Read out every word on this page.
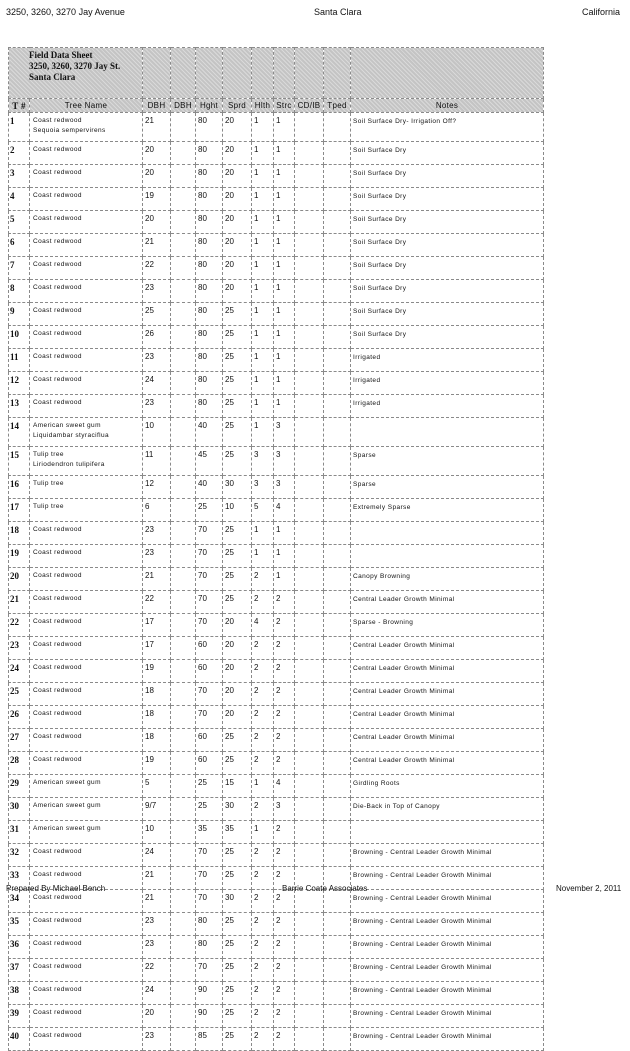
3250, 3260, 3270 Jay Avenue	Santa Clara	California
Field Data Sheet
3250, 3260, 3270 Jay St.
Santa Clara										

T #	Tree Name	DBH	DBH	Hght	Sprd	Hlth	Strc	CD/IB	Tped	Notes
1	Coast redwood
Sequoia sempervirens	21		80	20	1	1			Soil Surface Dry- Irrigation Off?
2	Coast redwood	20		80	20	1	1			Soil Surface Dry
3	Coast redwood	20		80	20	1	1			Soil Surface Dry
4	Coast redwood	19		80	20	1	1			Soil Surface Dry
5	Coast redwood	20		80	20	1	1			Soil Surface Dry
6	Coast redwood	21		80	20	1	1			Soil Surface Dry
7	Coast redwood	22		80	20	1	1			Soil Surface Dry
8	Coast redwood	23		80	20	1	1			Soil Surface Dry
9	Coast redwood	25		80	25	1	1			Soil Surface Dry
10	Coast redwood	26		80	25	1	1			Soil Surface Dry
11	Coast redwood	23		80	25	1	1			Irrigated
12	Coast redwood	24		80	25	1	1			Irrigated
13	Coast redwood	23		80	25	1	1			Irrigated
14	American sweet gum
Liquidambar styraciflua	10		40	25	1	3			
15	Tulip tree
Liriodendron tulipifera	11		45	25	3	3			Sparse
16	Tulip tree	12		40	30	3	3			Sparse
17	Tulip tree	6		25	10	5	4			Extremely Sparse
18	Coast redwood	23		70	25	1	1			
19	Coast redwood	23		70	25	1	1			
20	Coast redwood	21		70	25	2	1			Canopy Browning
21	Coast redwood	22		70	25	2	2			Central Leader Growth Minimal
22	Coast redwood	17		70	20	4	2			Sparse - Browning
23	Coast redwood	17		60	20	2	2			Central Leader Growth Minimal
24	Coast redwood	19		60	20	2	2			Central Leader Growth Minimal
25	Coast redwood	18		70	20	2	2			Central Leader Growth Minimal
26	Coast redwood	18		70	20	2	2			Central Leader Growth Minimal
27	Coast redwood	18		60	25	2	2			Central Leader Growth Minimal
28	Coast redwood	19		60	25	2	2			Central Leader Growth Minimal
29	American sweet gum	5		25	15	1	4			Girdling Roots
30	American sweet gum	9/7		25	30	2	3			Die-Back in Top of Canopy
31	American sweet gum	10		35	35	1	2			
32	Coast redwood	24		70	25	2	2			Browning - Central Leader Growth Minimal
33	Coast redwood	21		70	25	2	2			Browning - Central Leader Growth Minimal
34	Coast redwood	21		70	30	2	2			Browning - Central Leader Growth Minimal
35	Coast redwood	23		80	25	2	2			Browning - Central Leader Growth Minimal
36	Coast redwood	23		80	25	2	2			Browning - Central Leader Growth Minimal
37	Coast redwood	22		70	25	2	2			Browning - Central Leader Growth Minimal
38	Coast redwood	24		90	25	2	2			Browning - Central Leader Growth Minimal
39	Coast redwood	20		90	25	2	2			Browning - Central Leader Growth Minimal
40	Coast redwood	23		85	25	2	2			Browning - Central Leader Growth Minimal
Prepared By Michael Bench	Barrie Coate Associates	November 2, 2011
